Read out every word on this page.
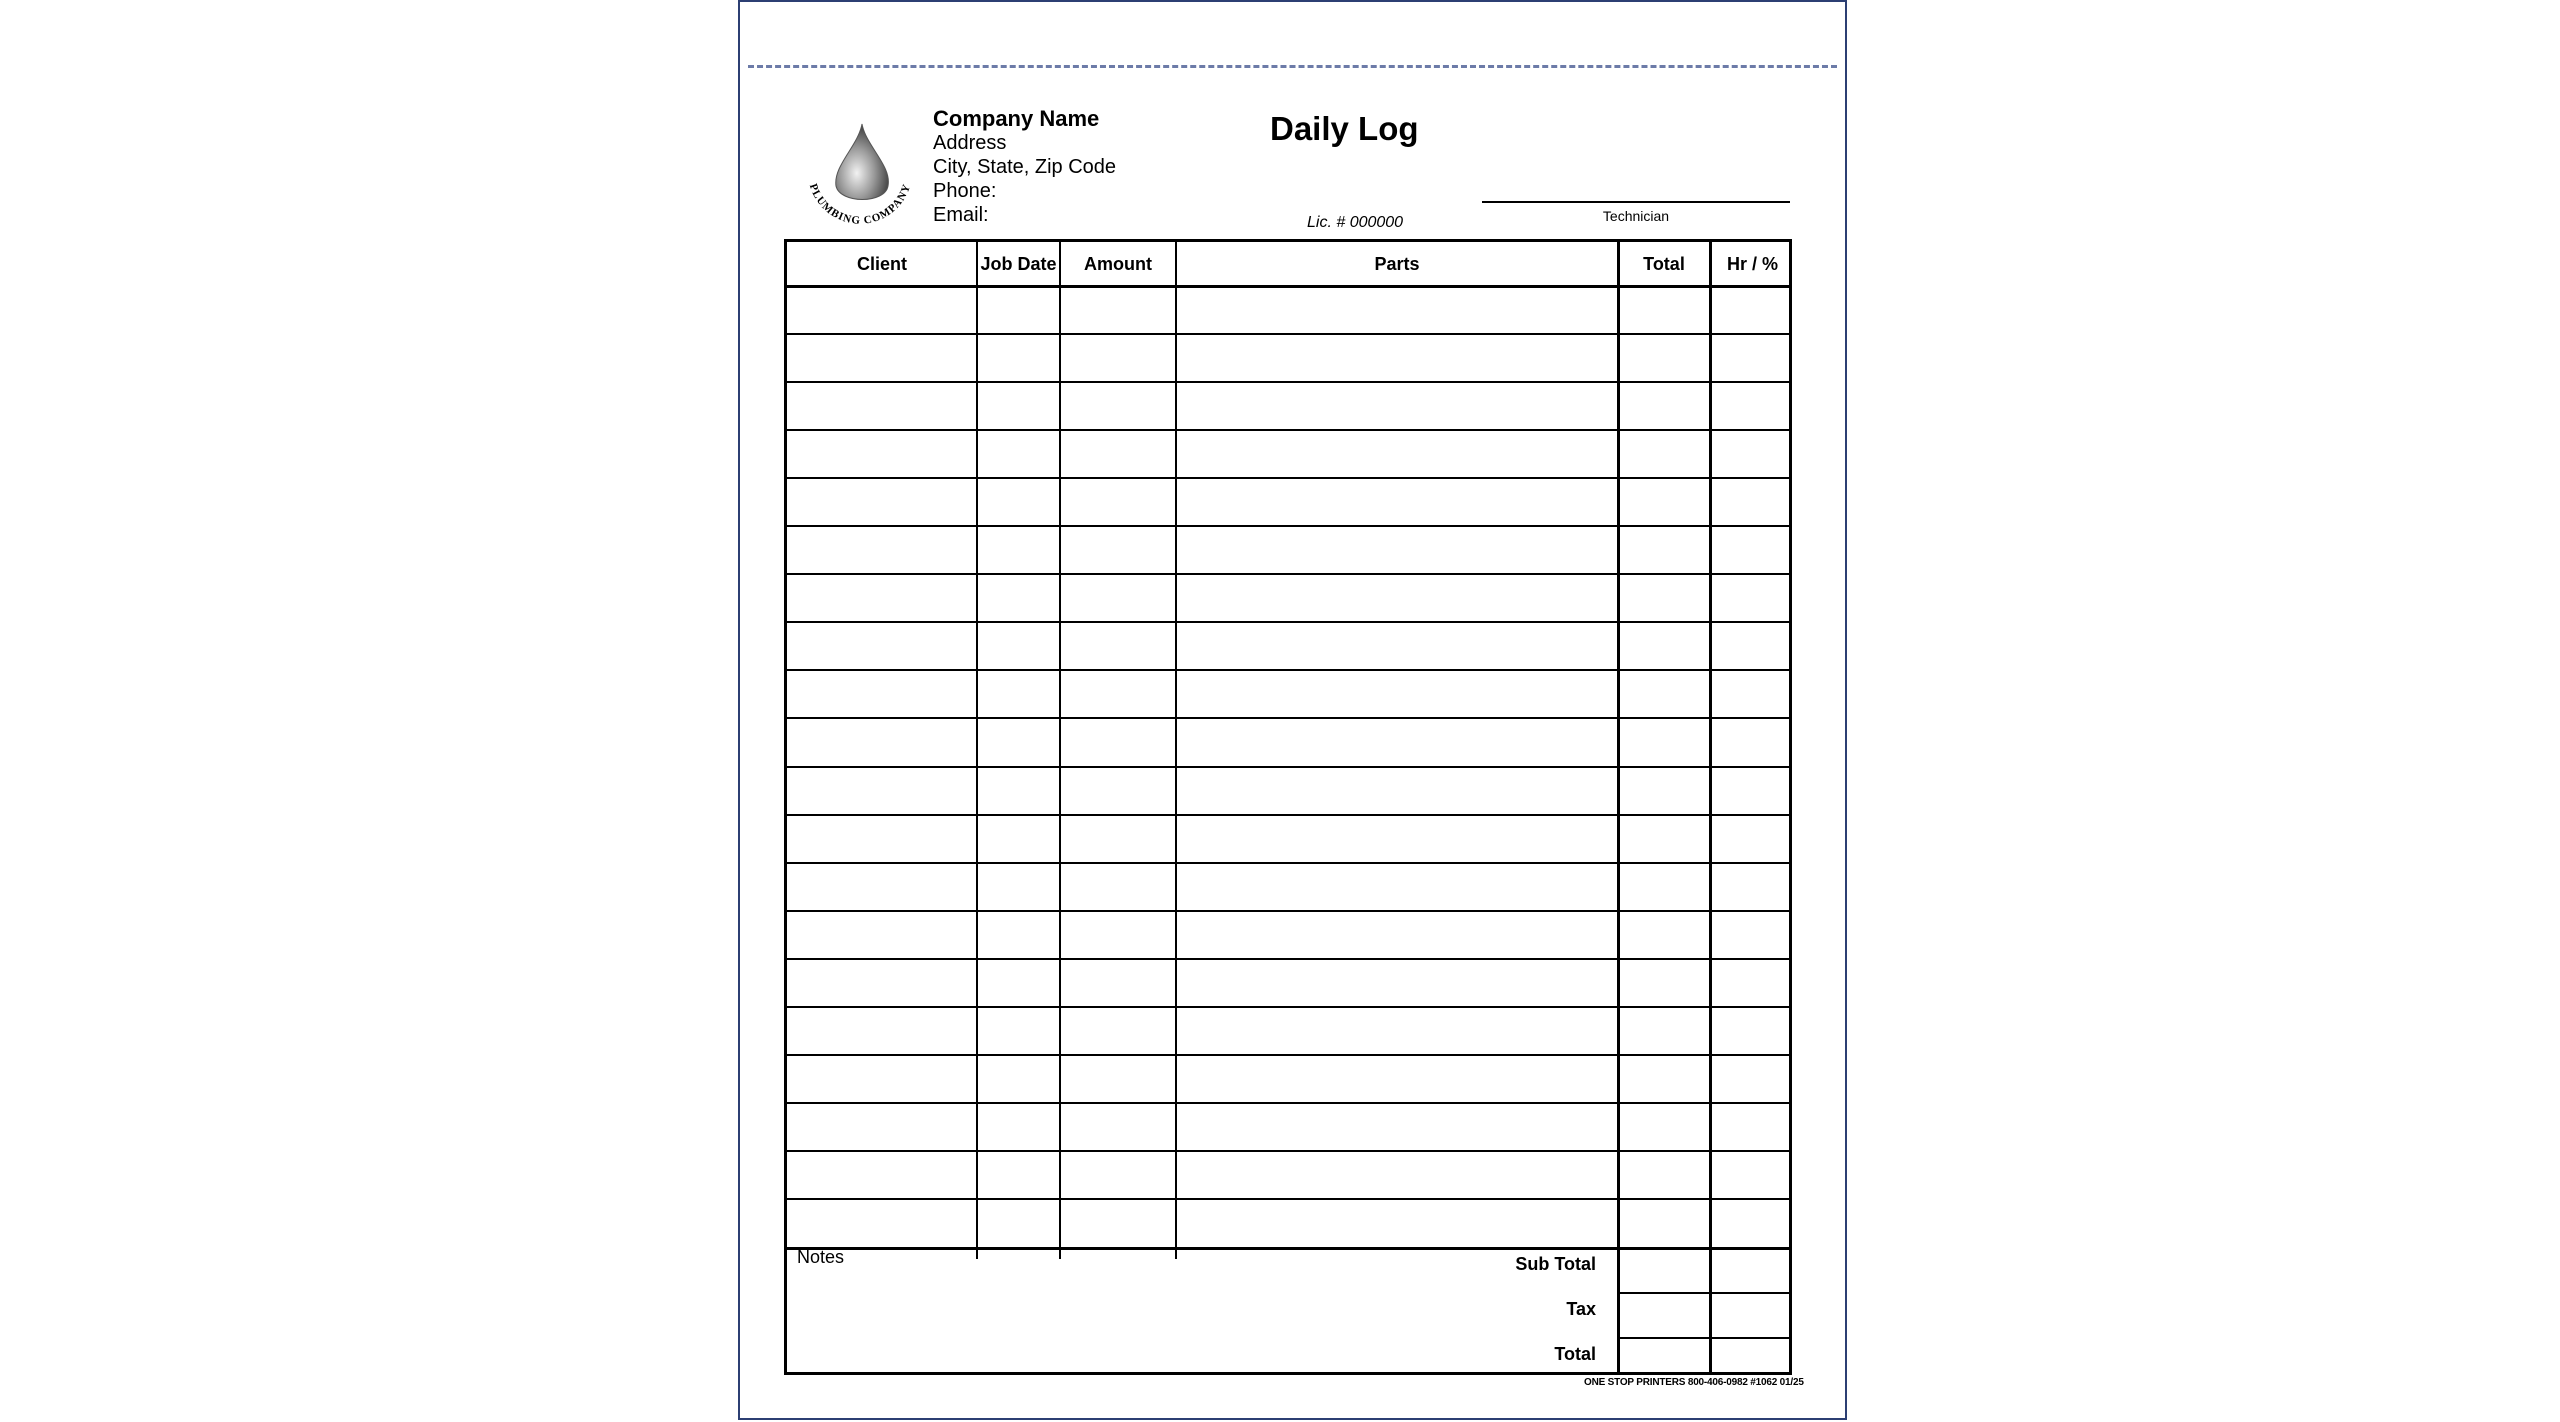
PLUMBING COMPANY
Company Name
Address
City, State, Zip Code
Phone:
Email:
Daily Log
Lic. # 000000	Technician
Client	Job Date	Amount	Parts	Total	Hr / %
Notes	Sub Total
Tax
Total
ONE STOP PRINTERS 800-406-0982 #1062 01/25
